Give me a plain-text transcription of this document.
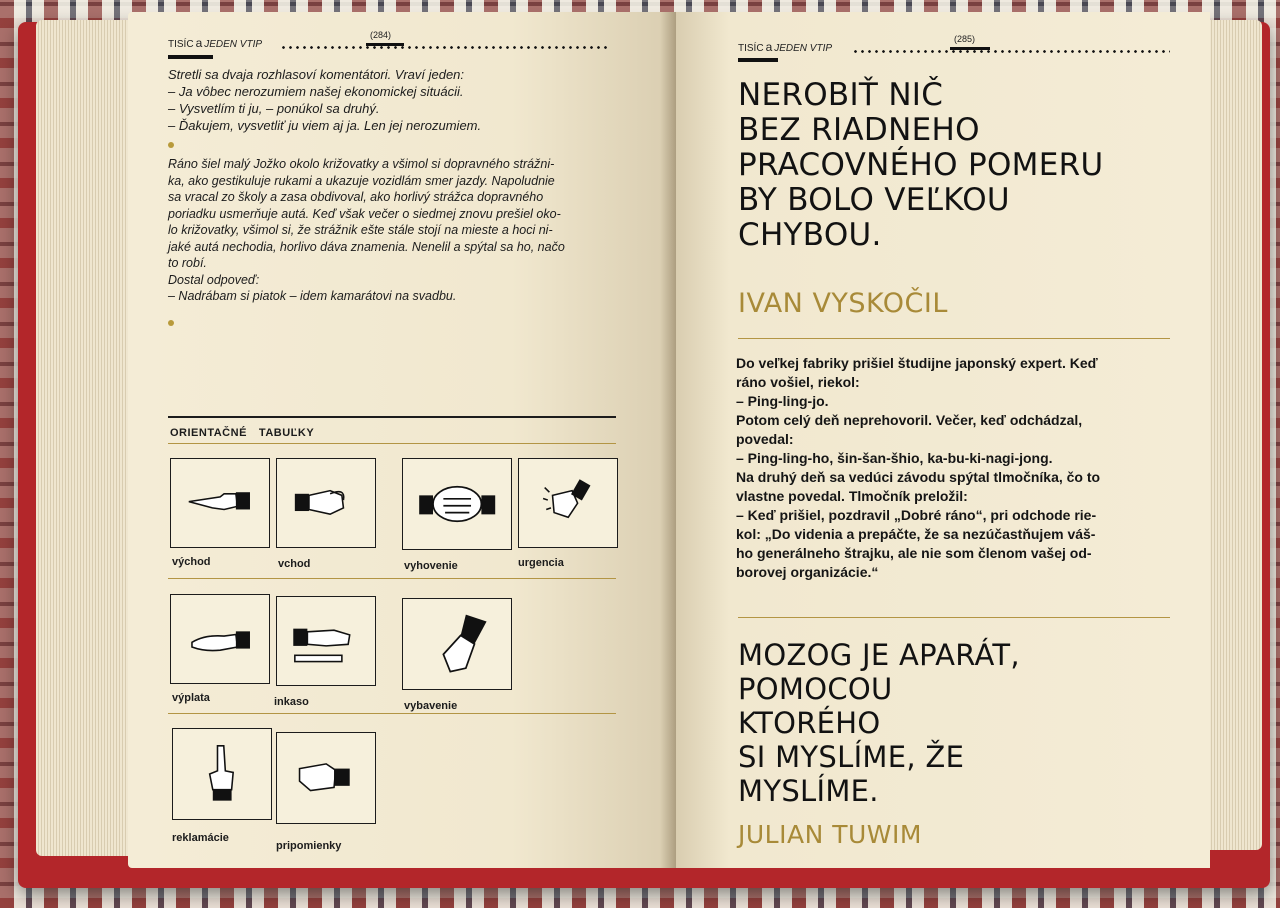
TISÍC a JEDEN VTIP
(284)

Stretli sa dvaja rozhlasoví komentátori. Vraví jeden:

– Ja vôbec nerozumiem našej ekonomickej situácii.

– Vysvetlím ti ju, – ponúkol sa druhý.

– Ďakujem, vysvetliť ju viem aj ja. Len jej nerozumiem.

Ráno šiel malý Jožko okolo križovatky a všimol si dopravného strážni-

ka, ako gestikuluje rukami a ukazuje vozidlám smer jazdy. Napoludnie

sa vracal zo školy a zasa obdivoval, ako horlivý strážca dopravného

poriadku usmerňuje autá. Keď však večer o siedmej znovu prešiel oko-

lo križovatky, všimol si, že strážnik ešte stále stojí na mieste a hoci ni-

jaké autá nechodia, horlivo dáva znamenia. Nenelil a spýtal sa ho, načo

to robí.

Dostal odpoveď:

– Nadrábam si piatok – idem kamarátovi na svadbu.

ORIENTAČNÉ TABUĽKY
východ	vchod	vyhovenie	urgencia
výplata	inkaso	vybavenie
reklamácie
pripomienky
TISÍC a JEDEN VTIP
(285)
NEROBIŤ NIČ
BEZ RIADNEHO
PRACOVNÉHO POMERU
BY BOLO VEĽKOU
CHYBOU.
IVAN VYSKOČIL

Do veľkej fabriky prišiel študijne japonský expert. Keď

ráno vošiel, riekol:

– Ping-ling-jo.

Potom celý deň neprehovoril. Večer, keď odchádzal,

povedal:

– Ping-ling-ho, šin-šan-šhio, ka-bu-ki-nagi-jong.

Na druhý deň sa vedúci závodu spýtal tlmočníka, čo to

vlastne povedal. Tlmočník preložil:

– Keď prišiel, pozdravil „Dobré ráno“, pri odchode rie-

kol: „Do videnia a prepáčte, že sa nezúčastňujem váš-

ho generálneho štrajku, ale nie som členom vašej od-

borovej organizácie.“

MOZOG JE APARÁT,
POMOCOU
KTORÉHO
SI MYSLÍME, ŽE
MYSLÍME.
JULIAN TUWIM
